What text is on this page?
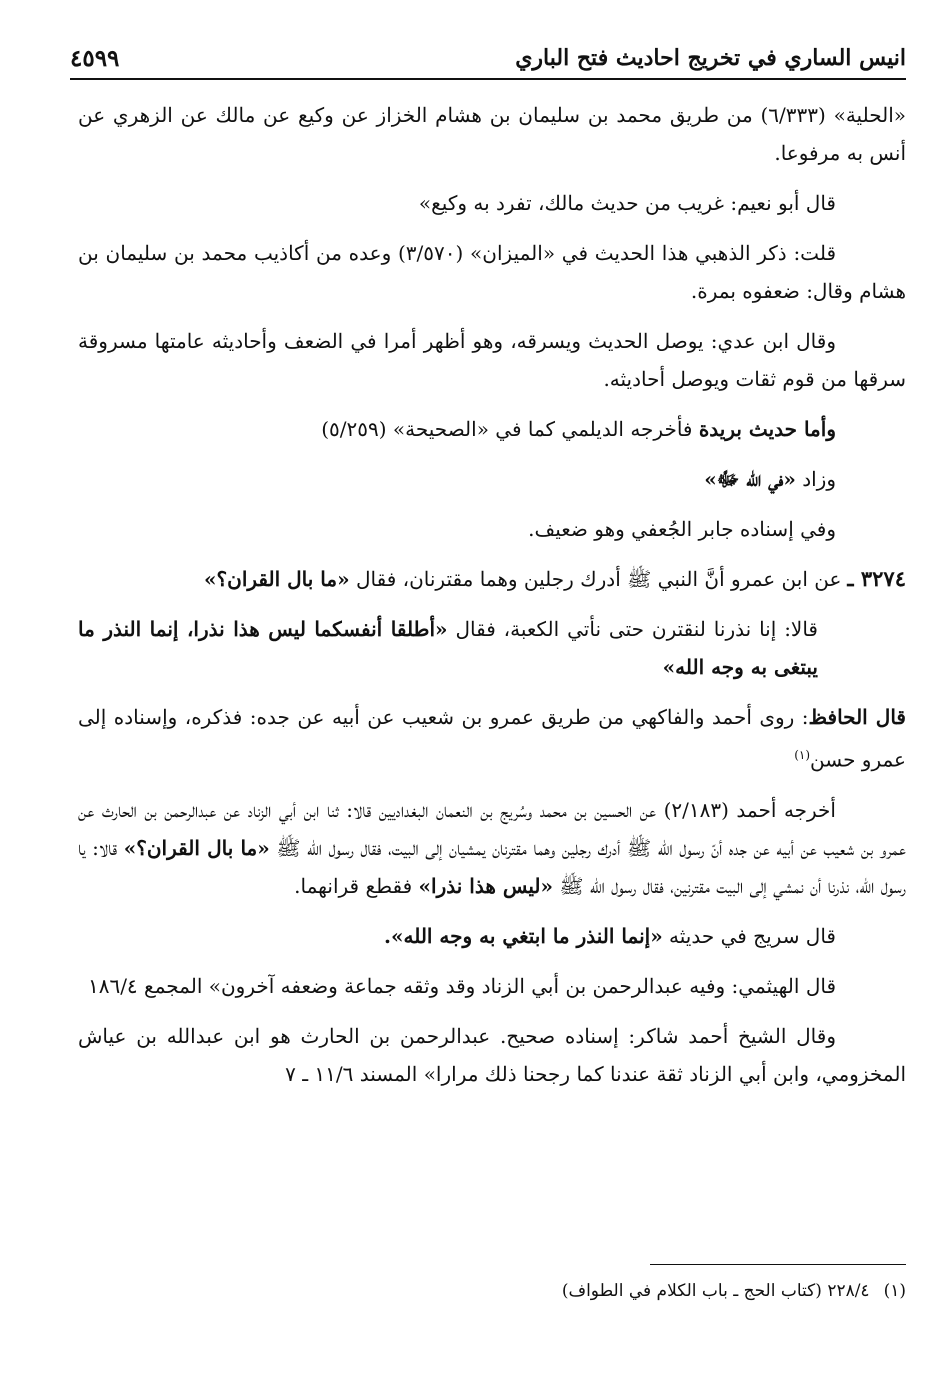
انيس الساري في تخريج احاديث فتح الباري
٤٥٩٩

«الحلية» (٦/٣٣٣) من طريق محمد بن سليمان بن هشام الخزاز عن وكيع عن مالك عن الزهري عن أنس به مرفوعا.

قال أبو نعيم: غريب من حديث مالك، تفرد به وكيع»

قلت: ذكر الذهبي هذا الحديث في «الميزان» (٣/٥٧٠) وعده من أكاذيب محمد بن سليمان بن هشام وقال: ضعفوه بمرة.

وقال ابن عدي: يوصل الحديث ويسرقه، وهو أظهر أمرا في الضعف وأحاديثه عامتها مسروقة سرقها من قوم ثقات ويوصل أحاديثه.

وأما حديث بريدة فأخرجه الديلمي كما في «الصحيحة» (٥/٢٥٩)

وزاد «في الله ﷻ»

وفي إسناده جابر الجُعفي وهو ضعيف.

٣٢٧٤ ـ
عن ابن عمرو أنَّ النبي ﷺ أدرك رجلين وهما مقترنان، فقال «ما بال القران؟»

قالا: إنا نذرنا لنقترن حتى نأتي الكعبة، فقال «أطلقا أنفسكما ليس هذا نذرا، إنما النذر ما يبتغى به وجه الله»

قال الحافظ: روى أحمد والفاكهي من طريق عمرو بن شعيب عن أبيه عن جده: فذكره، وإسناده إلى عمرو حسن$^{(١)}$

أخرجه أحمد (٢/١٨٣) عن الحسين بن محمد وسُريج بن النعمان البغداديين قالا: ثنا ابن أبي الزناد عن عبدالرحمن بن الحارث عن عمرو بن شعيب عن أبيه عن جده أنّ رسول الله ﷺ أدرك رجلين وهما مقترنان يمشيان إلى البيت، فقال رسول الله ﷺ «ما بال القران؟» قالا: يا رسول الله، نذرنا أن نمشي إلى البيت مقترنين، فقال رسول الله ﷺ «ليس هذا نذرا» فقطع قرانهما.

قال سريج في حديثه «إنما النذر ما ابتغي به وجه الله».

قال الهيثمي: وفيه عبدالرحمن بن أبي الزناد وقد وثقه جماعة وضعفه آخرون» المجمع ١٨٦/٤

وقال الشيخ أحمد شاكر: إسناده صحيح. عبدالرحمن بن الحارث هو ابن عبدالله بن عياش المخزومي، وابن أبي الزناد ثقة عندنا كما رجحنا ذلك مرارا» المسند ١١/٦ ـ ٧

(١)٢٢٨/٤ (كتاب الحج ـ باب الكلام في الطواف)
